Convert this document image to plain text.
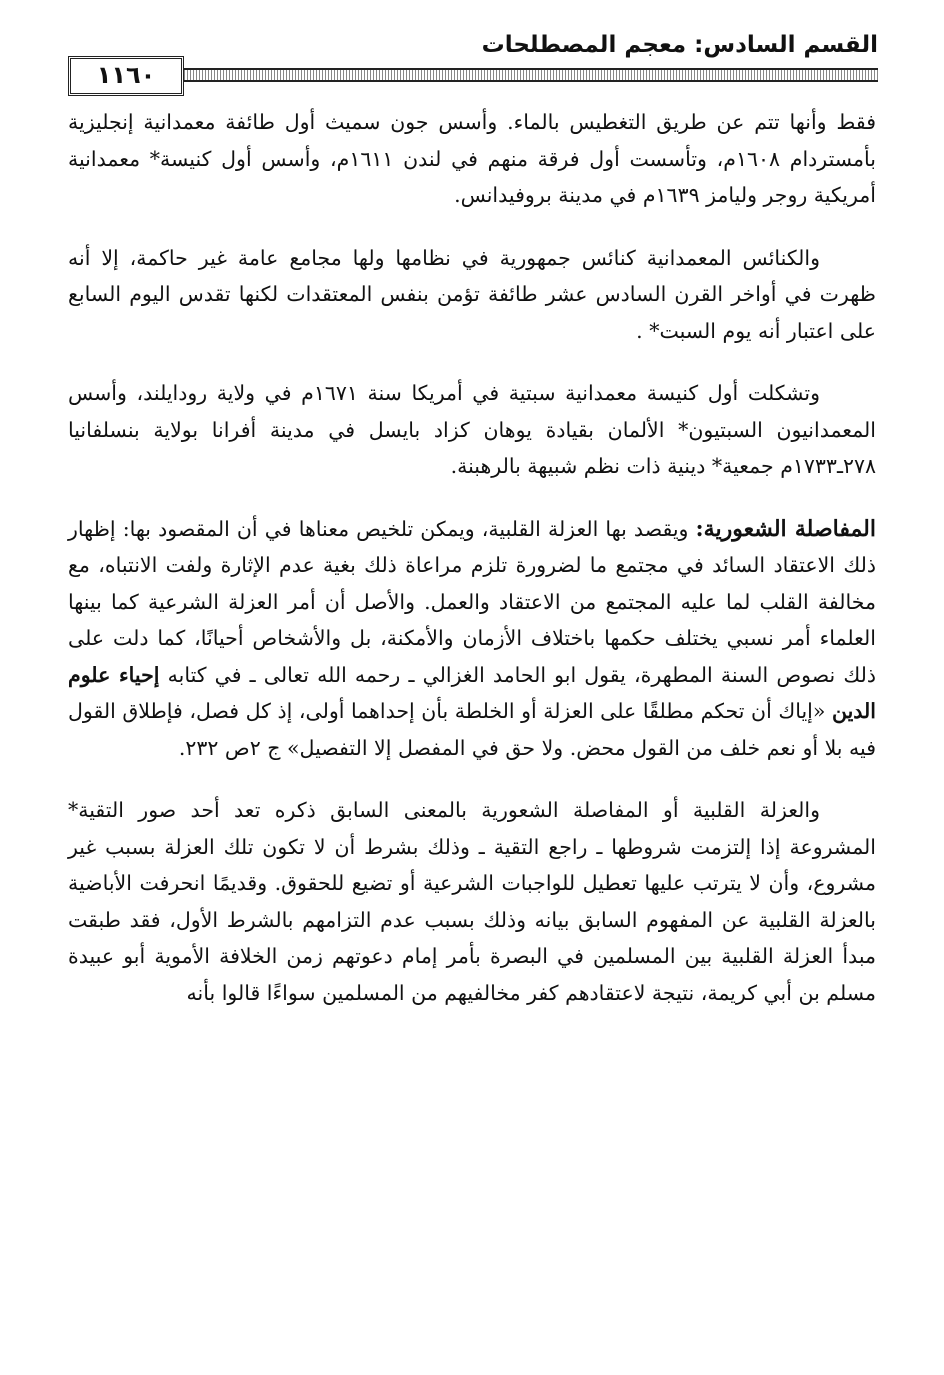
١١٦٠
القسم السادس: معجم المصطلحات

فقط وأنها تتم عن طريق التغطيس بالماء. وأسس جون سميث أول طائفة معمدانية إنجليزية بأمستردام ١٦٠٨م، وتأسست أول فرقة منهم في لندن ١٦١١م، وأسس أول كنيسة* معمدانية أمريكية روجر وليامز ١٦٣٩م في مدينة بروفيدانس.

والكنائس المعمدانية كنائس جمهورية في نظامها ولها مجامع عامة غير حاكمة، إلا أنه ظهرت في أواخر القرن السادس عشر طائفة تؤمن بنفس المعتقدات لكنها تقدس اليوم السابع على اعتبار أنه يوم السبت* .

وتشكلت أول كنيسة معمدانية سبتية في أمريكا سنة ١٦٧١م في ولاية رودايلند، وأسس المعمدانيون السبتيون* الألمان بقيادة يوهان كزاد بايسل في مدينة أفرانا بولاية بنسلفانيا ٢٧٨ـ١٧٣٣م جمعية* دينية ذات نظم شبيهة بالرهبنة.

المفاصلة الشعورية: ويقصد بها العزلة القلبية، ويمكن تلخيص معناها في أن المقصود بها: إظهار ذلك الاعتقاد السائد في مجتمع ما لضرورة تلزم مراعاة ذلك بغية عدم الإثارة ولفت الانتباه، مع مخالفة القلب لما عليه المجتمع من الاعتقاد والعمل. والأصل أن أمر العزلة الشرعية كما بينها العلماء أمر نسبي يختلف حكمها باختلاف الأزمان والأمكنة، بل والأشخاص أحيانًا، كما دلت على ذلك نصوص السنة المطهرة، يقول ابو الحامد الغزالي ـ رحمه الله تعالى ـ في كتابه إحياء علوم الدين «إياك أن تحكم مطلقًا على العزلة أو الخلطة بأن إحداهما أولى، إذ كل فصل، فإطلاق القول فيه بلا أو نعم خلف من القول محض. ولا حق في المفصل إلا التفصيل» ج ٢ص ٢٣٢.

والعزلة القلبية أو المفاصلة الشعورية بالمعنى السابق ذكره تعد أحد صور التقية* المشروعة إذا إلتزمت شروطها ـ راجع التقية ـ وذلك بشرط أن لا تكون تلك العزلة بسبب غير مشروع، وأن لا يترتب عليها تعطيل للواجبات الشرعية أو تضيع للحقوق. وقديمًا انحرفت الأباضية بالعزلة القلبية عن المفهوم السابق بيانه وذلك بسبب عدم التزامهم بالشرط الأول، فقد طبقت مبدأ العزلة القلبية بين المسلمين في البصرة بأمر إمام دعوتهم زمن الخلافة الأموية أبو عبيدة مسلم بن أبي كريمة، نتيجة لاعتقادهم كفر مخالفيهم من المسلمين سواءًا قالوا بأنه
